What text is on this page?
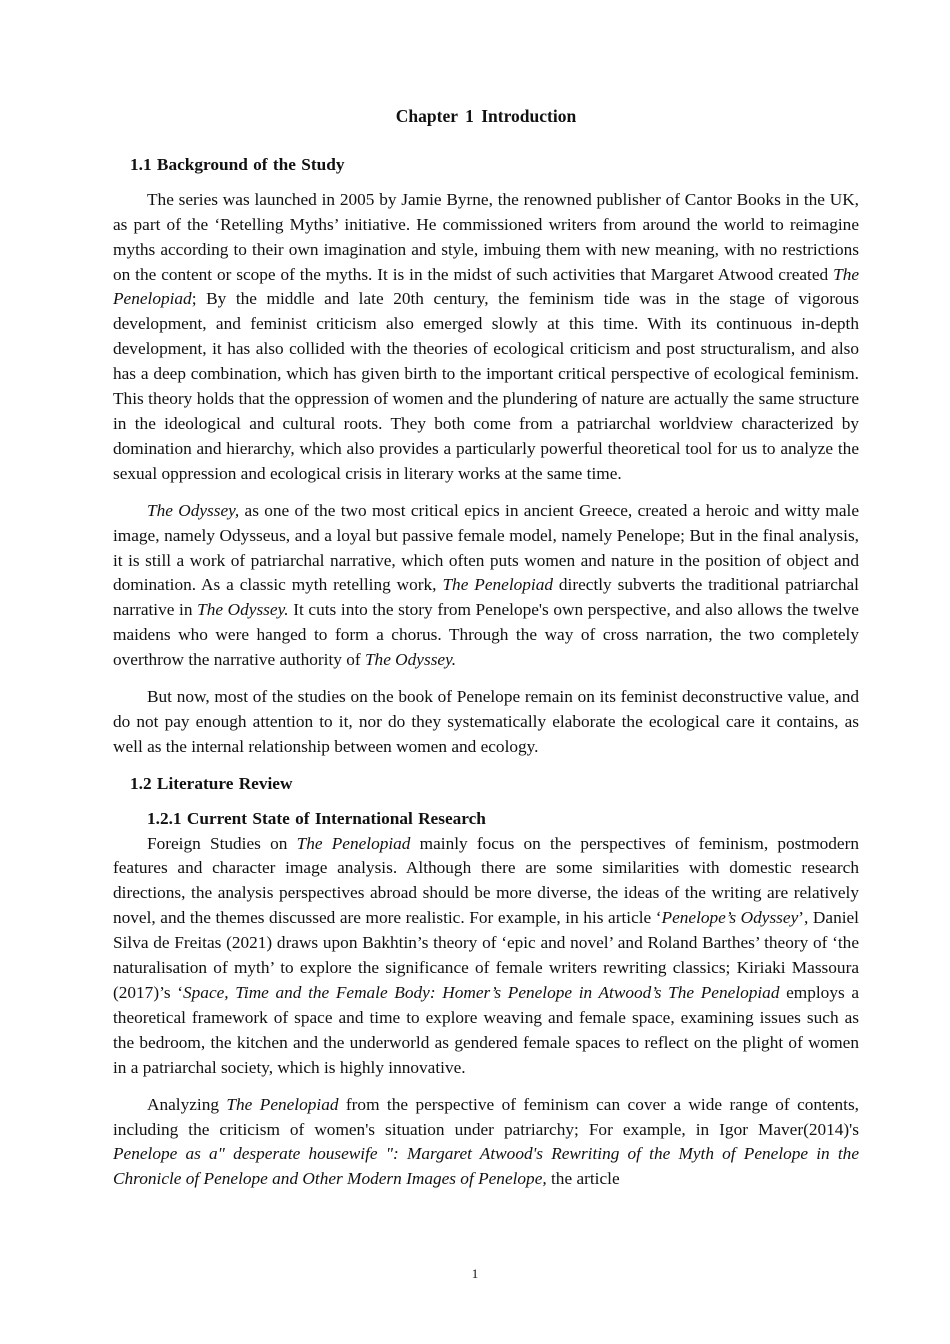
Chapter 1 Introduction
1.1 Background of the Study

The series was launched in 2005 by Jamie Byrne, the renowned publisher of Cantor Books in the UK, as part of the ‘Retelling Myths’ initiative. He commissioned writers from around the world to reimagine myths according to their own imagination and style, imbuing them with new meaning, with no restrictions on the content or scope of the myths. It is in the midst of such activities that Margaret Atwood created The Penelopiad; By the middle and late 20th century, the feminism tide was in the stage of vigorous development, and feminist criticism also emerged slowly at this time. With its continuous in-depth development, it has also collided with the theories of ecological criticism and post structuralism, and also has a deep combination, which has given birth to the important critical perspective of ecological feminism. This theory holds that the oppression of women and the plundering of nature are actually the same structure in the ideological and cultural roots. They both come from a patriarchal worldview characterized by domination and hierarchy, which also provides a particularly powerful theoretical tool for us to analyze the sexual oppression and ecological crisis in literary works at the same time.

The Odyssey, as one of the two most critical epics in ancient Greece, created a heroic and witty male image, namely Odysseus, and a loyal but passive female model, namely Penelope; But in the final analysis, it is still a work of patriarchal narrative, which often puts women and nature in the position of object and domination. As a classic myth retelling work, The Penelopiad directly subverts the traditional patriarchal narrative in The Odyssey. It cuts into the story from Penelope's own perspective, and also allows the twelve maidens who were hanged to form a chorus. Through the way of cross narration, the two completely overthrow the narrative authority of The Odyssey.

But now, most of the studies on the book of Penelope remain on its feminist deconstructive value, and do not pay enough attention to it, nor do they systematically elaborate the ecological care it contains, as well as the internal relationship between women and ecology.

1.2 Literature Review
1.2.1 Current State of International Research

Foreign Studies on The Penelopiad mainly focus on the perspectives of feminism, postmodern features and character image analysis. Although there are some similarities with domestic research directions, the analysis perspectives abroad should be more diverse, the ideas of the writing are relatively novel, and the themes discussed are more realistic. For example, in his article ‘Penelope’s Odyssey’, Daniel Silva de Freitas (2021) draws upon Bakhtin’s theory of ‘epic and novel’ and Roland Barthes’ theory of ‘the naturalisation of myth’ to explore the significance of female writers rewriting classics; Kiriaki Massoura (2017)’s ‘Space, Time and the Female Body: Homer’s Penelope in Atwood’s The Penelopiad employs a theoretical framework of space and time to explore weaving and female space, examining issues such as the bedroom, the kitchen and the underworld as gendered female spaces to reflect on the plight of women in a patriarchal society, which is highly innovative.

Analyzing The Penelopiad from the perspective of feminism can cover a wide range of contents, including the criticism of women's situation under patriarchy; For example, in Igor Maver(2014)'s Penelope as a" desperate housewife ": Margaret Atwood's Rewriting of the Myth of Penelope in the Chronicle of Penelope and Other Modern Images of Penelope, the article

1
